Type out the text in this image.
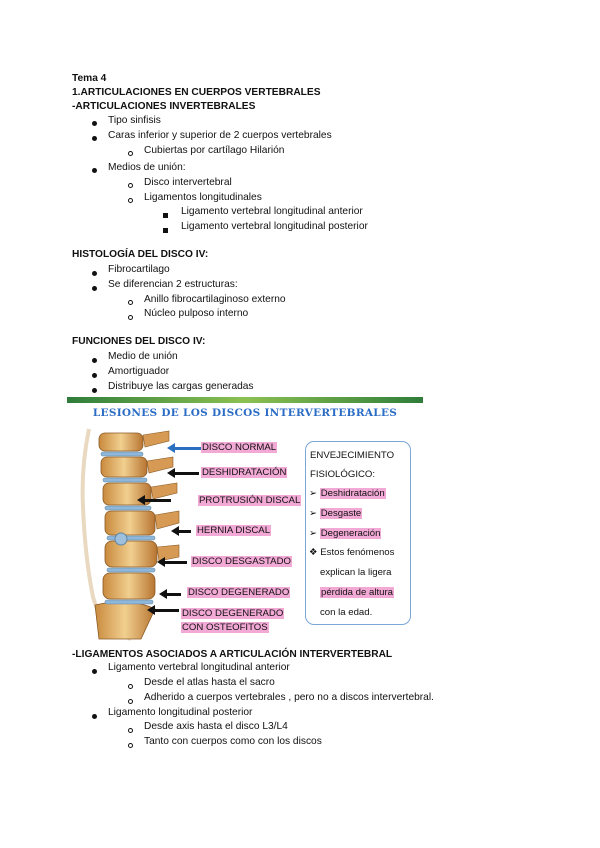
Tema 4
1.ARTICULACIONES EN CUERPOS VERTEBRALES
-ARTICULACIONES INVERTEBRALES
Tipo sinfisis
Caras inferior y superior de 2 cuerpos vertebrales
Cubiertas por cartílago Hilarión
Medios de unión:
Disco intervertebral
Ligamentos longitudinales
Ligamento vertebral longitudinal anterior
Ligamento vertebral longitudinal posterior
HISTOLOGÍA DEL DISCO IV:
Fibrocartilago
Se diferencian 2 estructuras:
Anillo fibrocartilaginoso externo
Núcleo pulposo interno
FUNCIONES DEL DISCO IV:
Medio de unión
Amortiguador
Distribuye las cargas generadas
LESIONES DE LOS DISCOS INTERVERTEBRALES
DISCO NORMAL
DESHIDRATACIÓN
PROTRUSIÓN DISCAL
HERNIA DISCAL
DISCO DESGASTADO
DISCO DEGENERADO
DISCO DEGENERADO
CON OSTEOFITOS
ENVEJECIMIENTO
FISIOLÓGICO:
➢ Deshidratación
➢ Desgaste
➢ Degeneración
❖ Estos fenómenos
explican la ligera
pérdida de altura
con la edad.
-LIGAMENTOS ASOCIADOS A ARTICULACIÓN INTERVERTEBRAL
Ligamento vertebral longitudinal anterior
Desde el atlas hasta el sacro
Adherido a cuerpos vertebrales , pero no a discos intervertebral.
Ligamento longitudinal posterior
Desde axis hasta el disco L3/L4
Tanto con cuerpos como con los discos
